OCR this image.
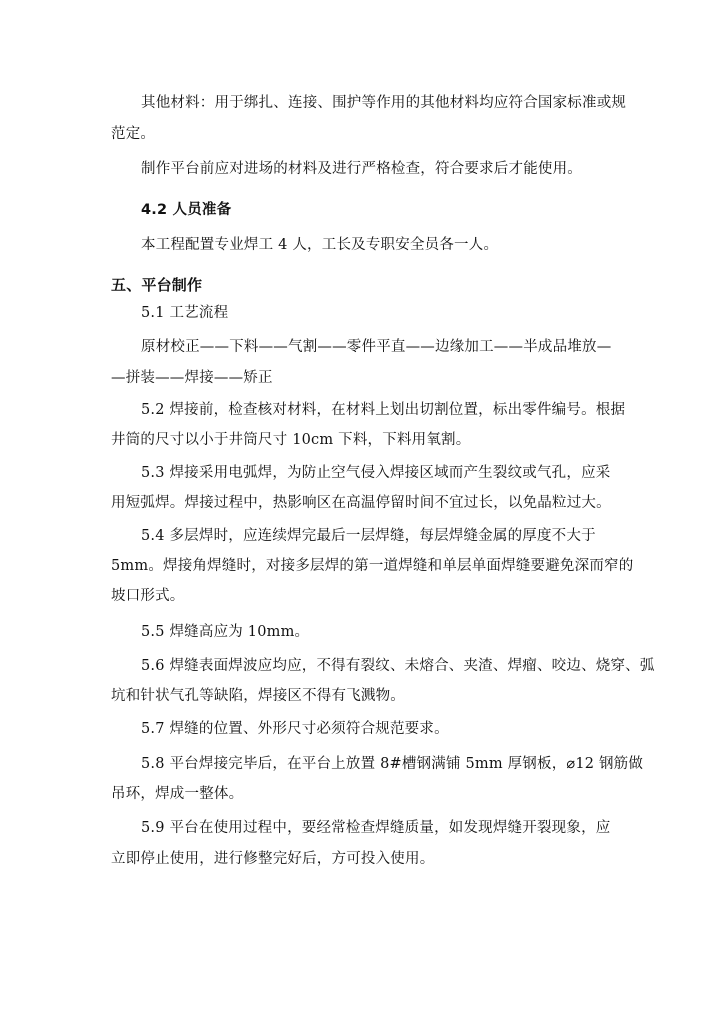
其他材料：用于绑扎、连接、围护等作用的其他材料均应符合国家标准或规
范定。
制作平台前应对进场的材料及进行严格检查，符合要求后才能使用。
4.2 人员准备
本工程配置专业焊工 4 人，工长及专职安全员各一人。
五、平台制作
5.1 工艺流程
原材校正——下料——气割——零件平直——边缘加工——半成品堆放—
—拼装——焊接——矫正
5.2 焊接前，检查核对材料，在材料上划出切割位置，标出零件编号。根据
井筒的尺寸以小于井筒尺寸 10cm 下料，下料用氧割。
5.3 焊接采用电弧焊，为防止空气侵入焊接区域而产生裂纹或气孔，应采
用短弧焊。焊接过程中，热影响区在高温停留时间不宜过长，以免晶粒过大。
5.4 多层焊时，应连续焊完最后一层焊缝，每层焊缝金属的厚度不大于
5mm。焊接角焊缝时，对接多层焊的第一道焊缝和单层单面焊缝要避免深而窄的
坡口形式。
5.5 焊缝高应为 10mm。
5.6 焊缝表面焊波应均应，不得有裂纹、未熔合、夹渣、焊瘤、咬边、烧穿、弧
坑和针状气孔等缺陷，焊接区不得有飞溅物。
5.7 焊缝的位置、外形尺寸必须符合规范要求。
5.8 平台焊接完毕后，在平台上放置 8#槽钢满铺 5mm 厚钢板，⌀12 钢筋做
吊环，焊成一整体。
5.9 平台在使用过程中，要经常检查焊缝质量，如发现焊缝开裂现象，应
立即停止使用，进行修整完好后，方可投入使用。
